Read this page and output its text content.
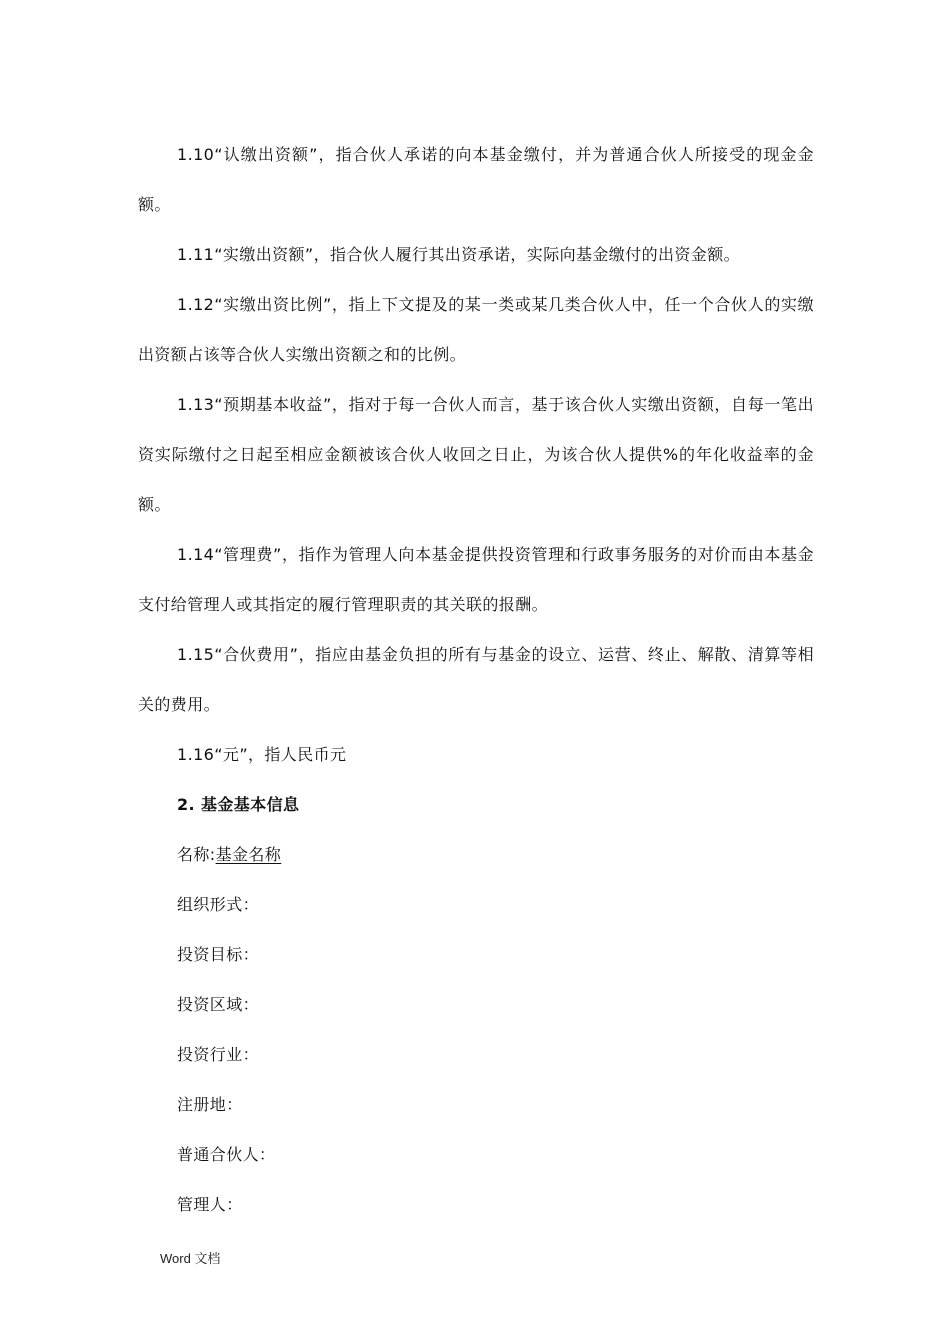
1.10“认缴出资额”，指合伙人承诺的向本基金缴付，并为普通合伙人所接受的现金金额。

1.11“实缴出资额”，指合伙人履行其出资承诺，实际向基金缴付的出资金额。

1.12“实缴出资比例”，指上下文提及的某一类或某几类合伙人中，任一个合伙人的实缴出资额占该等合伙人实缴出资额之和的比例。

1.13“预期基本收益”，指对于每一合伙人而言，基于该合伙人实缴出资额，自每一笔出资实际缴付之日起至相应金额被该合伙人收回之日止，为该合伙人提供%的年化收益率的金额。

1.14“管理费”，指作为管理人向本基金提供投资管理和行政事务服务的对价而由本基金支付给管理人或其指定的履行管理职责的其关联的报酬。

1.15“合伙费用”，指应由基金负担的所有与基金的设立、运营、终止、解散、清算等相关的费用。

1.16“元”，指人民币元

2. 基金基本信息

名称:基金名称

组织形式：

投资目标：

投资区域：

投资行业：

注册地：

普通合伙人：

管理人：

Word 文档
